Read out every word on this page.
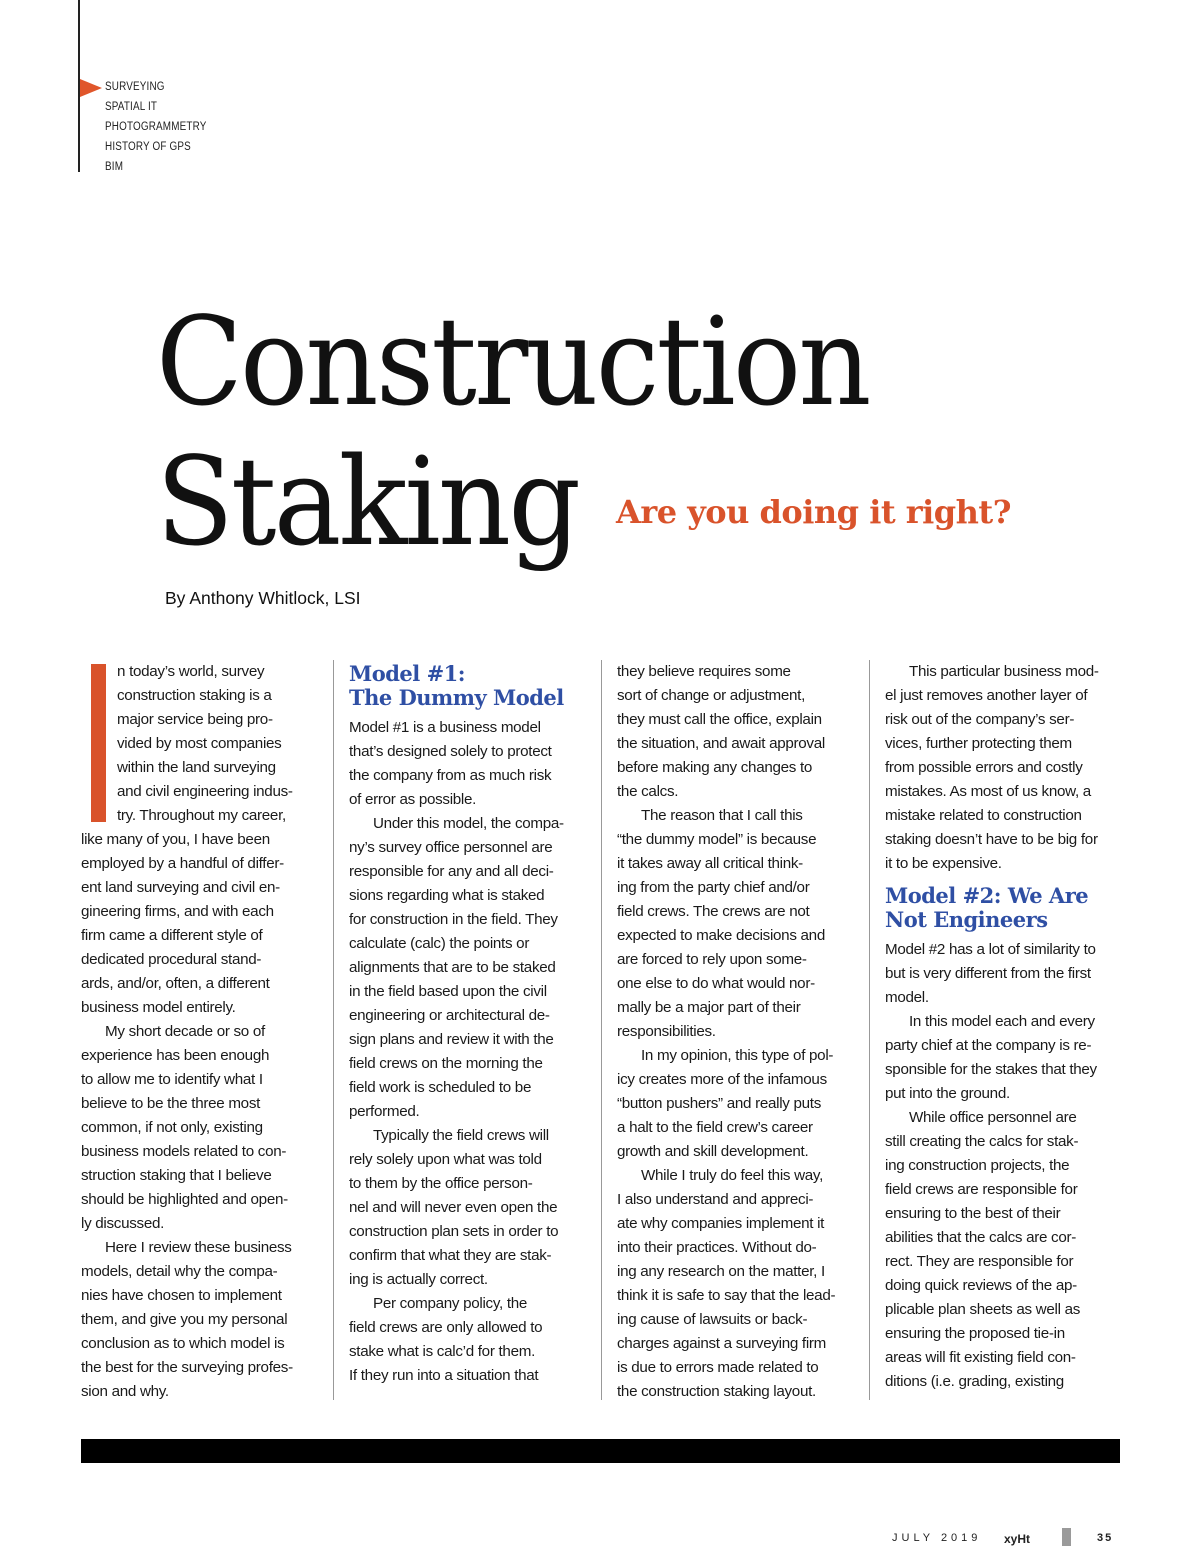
SURVEYING
SPATIAL IT
PHOTOGRAMMETRY
HISTORY OF GPS
BIM
Construction
Staking	Are you doing it right?
By Anthony Whitlock, LSI
n today’s world, survey
construction staking is a
major service being pro-
vided by most companies
within the land surveying
and civil engineering indus-
try. Throughout my career,
like many of you, I have been
employed by a handful of differ-
ent land surveying and civil en-
gineering firms, and with each
firm came a different style of
dedicated procedural stand-
ards, and/or, often, a different
business model entirely.
My short decade or so of
experience has been enough
to allow me to identify what I
believe to be the three most
common, if not only, existing
business models related to con-
struction staking that I believe
should be highlighted and open-
ly discussed.
Here I review these business
models, detail why the compa-
nies have chosen to implement
them, and give you my personal
conclusion as to which model is
the best for the surveying profes-
sion and why.
Model #1:
The Dummy Model
Model #1 is a business model
that’s designed solely to protect
the company from as much risk
of error as possible.
Under this model, the compa-
ny’s survey office personnel are
responsible for any and all deci-
sions regarding what is staked
for construction in the field. They
calculate (calc) the points or
alignments that are to be staked
in the field based upon the civil
engineering or architectural de-
sign plans and review it with the
field crews on the morning the
field work is scheduled to be
performed.
Typically the field crews will
rely solely upon what was told
to them by the office person-
nel and will never even open the
construction plan sets in order to
confirm that what they are stak-
ing is actually correct.
Per company policy, the
field crews are only allowed to
stake what is calc’d for them.
If they run into a situation that
they believe requires some
sort of change or adjustment,
they must call the office, explain
the situation, and await approval
before making any changes to
the calcs.
The reason that I call this
“the dummy model” is because
it takes away all critical think-
ing from the party chief and/or
field crews. The crews are not
expected to make decisions and
are forced to rely upon some-
one else to do what would nor-
mally be a major part of their
responsibilities.
In my opinion, this type of pol-
icy creates more of the infamous
“button pushers” and really puts
a halt to the field crew’s career
growth and skill development.
While I truly do feel this way,
I also understand and appreci-
ate why companies implement it
into their practices. Without do-
ing any research on the matter, I
think it is safe to say that the lead-
ing cause of lawsuits or back-
charges against a surveying firm
is due to errors made related to
the construction staking layout.
This particular business mod-
el just removes another layer of
risk out of the company’s ser-
vices, further protecting them
from possible errors and costly
mistakes. As most of us know, a
mistake related to construction
staking doesn’t have to be big for
it to be expensive.
Model #2: We Are
Not Engineers
Model #2 has a lot of similarity to
but is very different from the first
model.
In this model each and every
party chief at the company is re-
sponsible for the stakes that they
put into the ground.
While office personnel are
still creating the calcs for stak-
ing construction projects, the
field crews are responsible for
ensuring to the best of their
abilities that the calcs are cor-
rect. They are responsible for
doing quick reviews of the ap-
plicable plan sheets as well as
ensuring the proposed tie-in
areas will fit existing field con-
ditions (i.e. grading, existing
JULY 2019 xyHt	35
